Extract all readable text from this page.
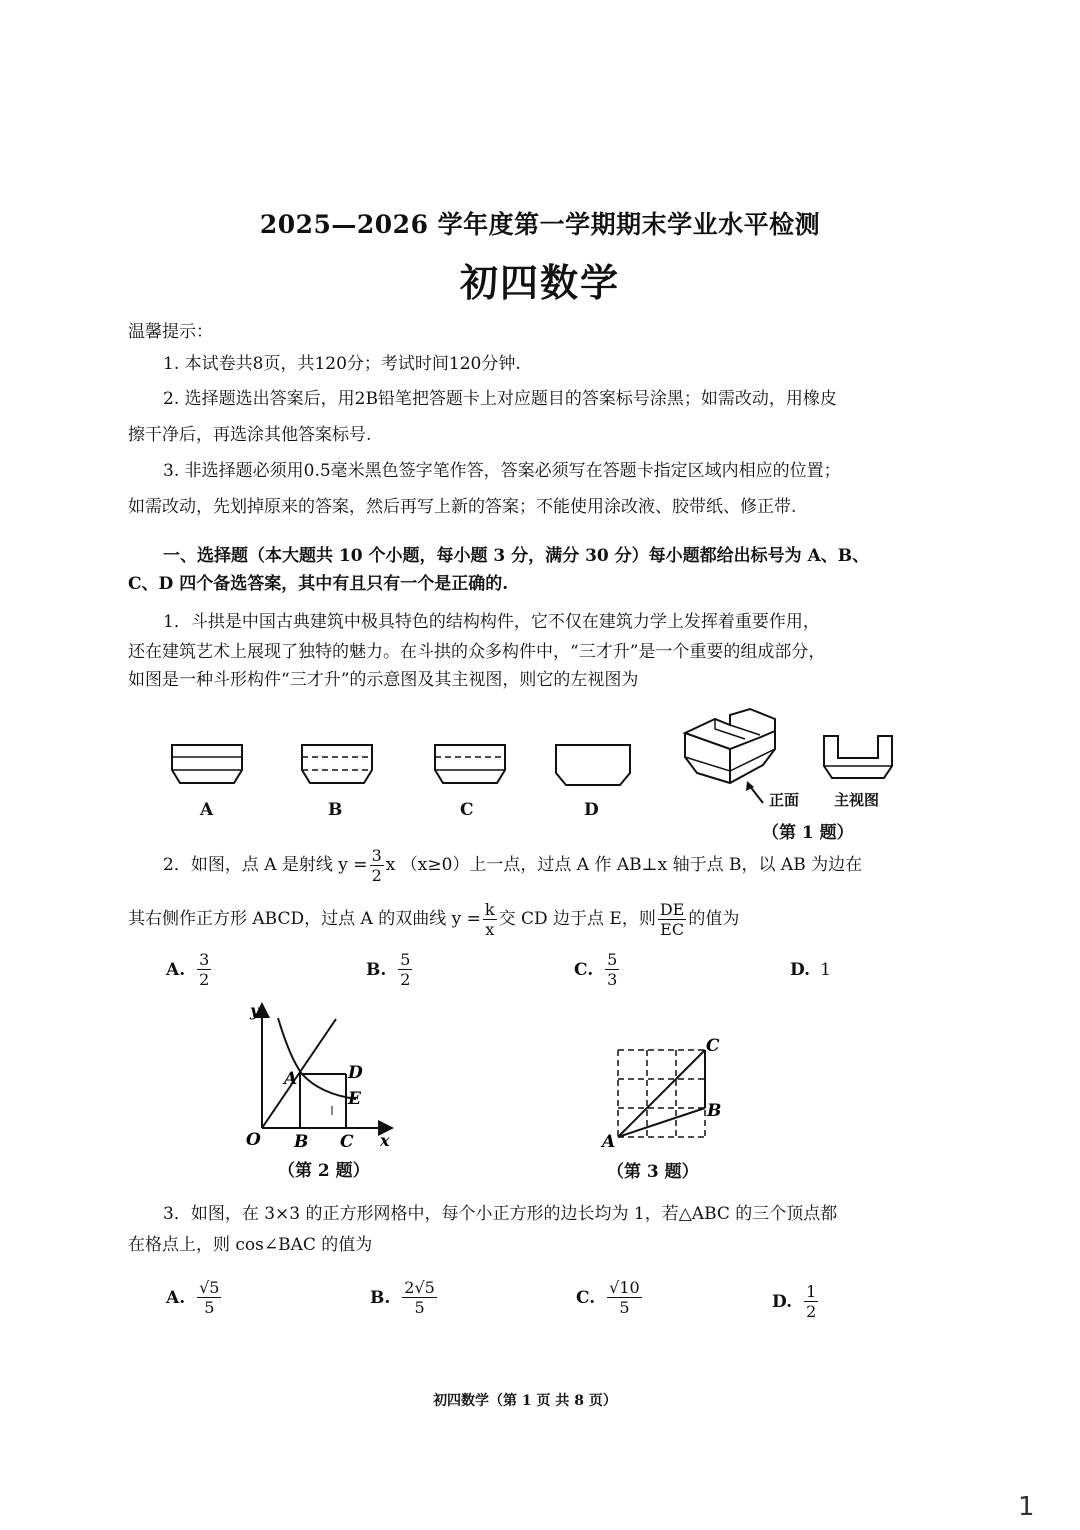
2025—2026 学年度第一学期期末学业水平检测
初四数学
温馨提示：
1. 本试卷共8页，共120分；考试时间120分钟.
2. 选择题选出答案后，用2B铅笔把答题卡上对应题目的答案标号涂黑；如需改动，用橡皮
擦干净后，再选涂其他答案标号.
3. 非选择题必须用0.5毫米黑色签字笔作答，答案必须写在答题卡指定区域内相应的位置；
如需改动，先划掉原来的答案，然后再写上新的答案；不能使用涂改液、胶带纸、修正带.
一、选择题（本大题共 10 个小题，每小题 3 分，满分 30 分）每小题都给出标号为 A、B、
C、D 四个备选答案，其中有且只有一个是正确的.
1．斗拱是中国古典建筑中极具特色的结构构件，它不仅在建筑力学上发挥着重要作用，
还在建筑艺术上展现了独特的魅力。在斗拱的众多构件中，“三才升”是一个重要的组成部分，
如图是一种斗形构件“三才升”的示意图及其主视图，则它的左视图为
A	B	C	D	正面 主视图
（第 1 题）
2．如图，点 A 是射线 $y = \frac{3}{2}$ x （x≥0）上一点，过点 A 作 AB⊥x 轴于点 B，以 AB 为边在
其右侧作正方形 ABCD，过点 A 的双曲线 $y = \frac{k}{x}$ 交 CD 边于点 E，则 $\frac{DE}{EC}$ 的值为
A. $\frac{3}{2}$	B. $\frac{5}{2}$	C. $\frac{5}{3}$	D. 1
y
x
O
A
B C
D
E
（第 2 题）
A
B
C
（第 3 题）
3．如图，在 3×3 的正方形网格中，每个小正方形的边长均为 1，若△ABC 的三个顶点都
在格点上，则 cos∠BAC 的值为
A. $\frac{√5}{5}$	B. $\frac{2√5}{5}$	C. $\frac{√10}{5}$	D. $\frac{1}{2}$
初四数学（第 1 页 共 8 页）
1
